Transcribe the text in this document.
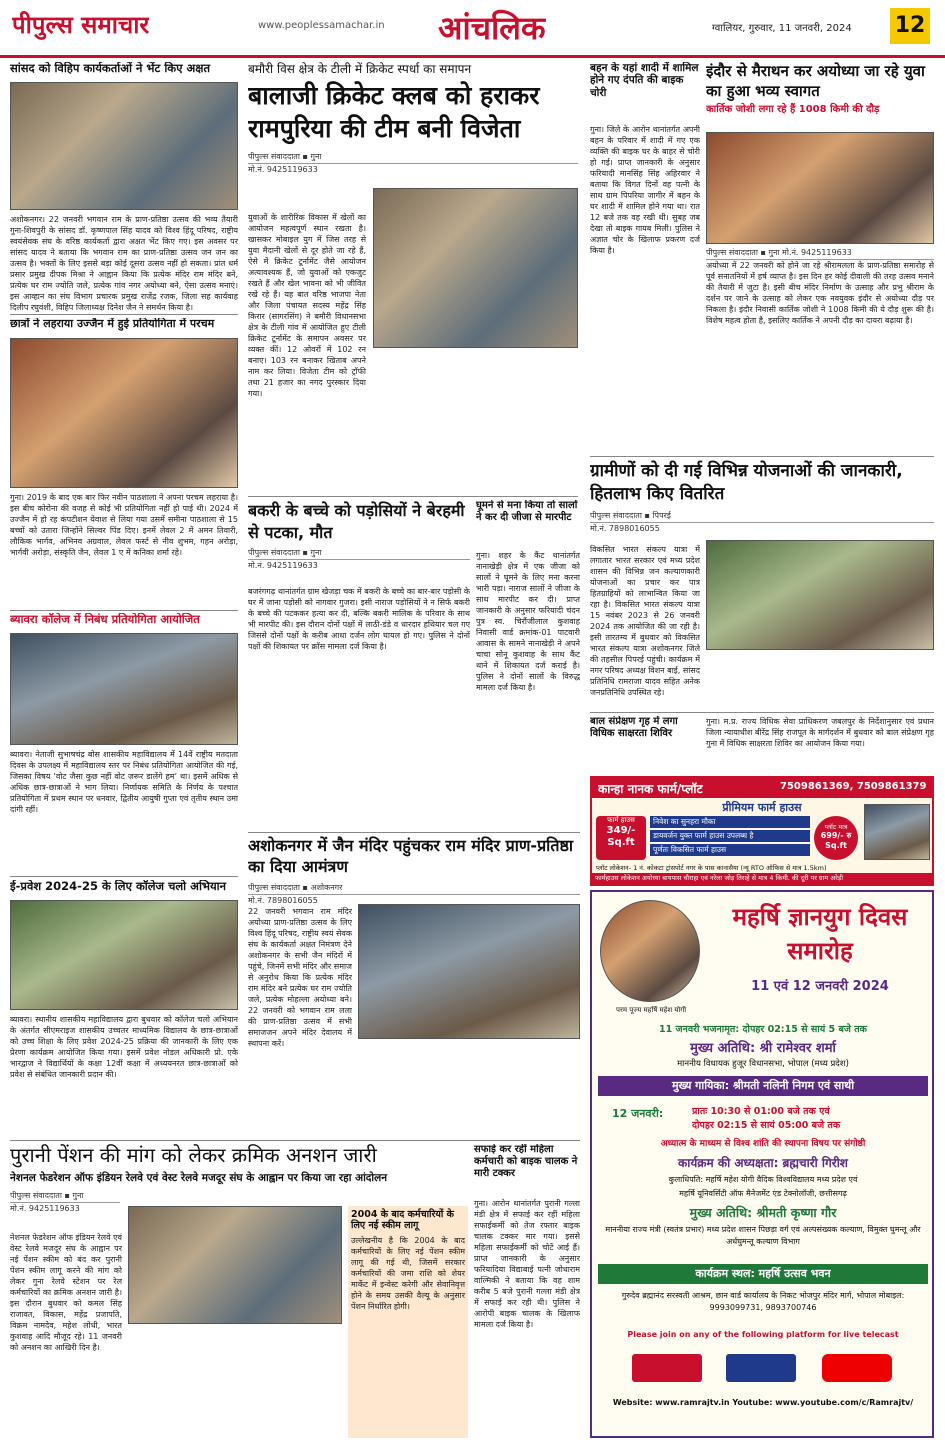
पीपुल्स समाचार	www.peoplessamachar.in आंचलिक	ग्वालियर, गुरुवार, 11 जनवरी, 2024 12
सांसद को विहिप कार्यकर्ताओं ने भेंट किए अक्षत
अशोकनगर। 22 जनवरी भगवान राम के प्राण-प्रतिष्ठा उत्सव की भव्य तैयारी गुना-शिवपुरी के सांसद डॉ. कृष्णपाल सिंह यादव को विश्व हिंदू परिषद, राष्ट्रीय स्वयंसेवक संघ के वरिष्ठ कार्यकर्ता द्वारा अक्षत भेंट किए गए। इस अवसर पर सांसद यादव ने बताया कि भगवान राम का प्राण-प्रतिष्ठा उत्सव जन जन का उत्सव है। भक्तों के लिए इससे बड़ा कोई दूसरा उत्सव नहीं हो सकता। प्रांत धर्म प्रसार प्रमुख दीपक मिश्रा ने आह्वान किया कि प्रत्येक मंदिर राम मंदिर बने, प्रत्येक घर राम ज्योति जले, प्रत्येक गांव नगर अयोध्या बने, ऐसा उत्सव मनाएं। इस आव्हान का संघ विभाग प्रचारक प्रमुख राजेंद्र रजक, जिला सह कार्यवाह दिलीप रघुवंशी, विहिप जिलाध्यक्ष दिनेश जैन ने समर्थन किया है।
छात्रों ने लहराया उज्जैन में हुई प्रतियोगिता में परचम
गुना। 2019 के बाद एक बार फिर नवीन पाठशाला ने अपना परचम लहराया है। इस बीच कोरोना की वजह से कोई भी प्रतियोगिता नहीं हो पाई थी। 2024 में उज्जैन में हो रह कंपटीशन येवाश से लिया गया उसमें समीना पाठशाला से 15 बच्चों को उतारा जिन्होंने सिल्वर पिंड दिए। इनमें लेवल 2 में अमन तिवारी, लौकिक भार्गव, अभिनव अग्रवाल, लेवल फर्स्ट से नीव शुभम, गहन अरोड़ा, भार्गवी अरोड़ा, संस्कृति जैन, लेवल 1 ए में कनिका शर्मा रहे।
ब्यावरा कॉलेज में निबंध प्रतियोगिता आयोजित
ब्यावरा। नेताजी सुभाषचंद्र बोस शासकीय महाविद्यालय में 14वें राष्ट्रीय मतदाता दिवस के उपलक्ष्य में महाविद्यालय स्तर पर निबंध प्रतियोगिता आयोजित की गई, जिसका विषय ‘वोट जैसा कुछ नहीं वोट ज़रूर डालेंगे हम’ था। इसमें अधिक से अधिक छात्र-छात्राओं ने भाग लिया। निर्णायक समिति के निर्णय के पश्चात प्रतियोगिता में प्रथम स्थान पर धनवार, द्वितीय आयुषी गुप्ता एवं तृतीय स्थान उमा दांगी रहीं।
ई-प्रवेश 2024-25 के लिए कॉलेज चलो अभियान
ब्यावरा। स्थानीय शासकीय महाविद्यालय द्वारा बुधवार को कॉलेज चलो अभियान के अंतर्गत सीएमराइज शासकीय उच्चतर माध्यमिक विद्यालय के छात्र-छात्राओं को उच्च शिक्षा के लिए प्रवेश 2024-25 प्रक्रिया की जानकारी के लिए एक प्रेरणा कार्यक्रम आयोजित किया गया। इसमें प्रवेश नोडल अधिकारी प्रो. एके भारद्वाज ने विद्यार्थियों के कक्षा 12वीं कक्षा में अध्ययनरत छात्र-छात्राओं को प्रवेश से संबंधित जानकारी प्रदान की।
बमौरी विस क्षेत्र के टीली में क्रिकेट स्पर्धा का समापन
बालाजी क्रिकेट क्लब को हराकर रामपुरिया की टीम बनी विजेता
पीपुल्स संवाददाता ▪ गुना
मो.नं. 9425119633
युवाओं के शारीरिक विकास में खेलों का आयोजन महत्वपूर्ण स्थान रखता है। खासकर मोबाइल युग में जिस तरह से युवा मैदानी खेलों से दूर होते जा रहे हैं, ऐसे में क्रिकेट टूर्नामेंट जैसे आयोजन अत्यावश्यक हैं, जो युवाओं को एकजुट रखते हैं और खेल भावना को भी जीवित रखे रहे हैं। यह बात वरिष्ठ भाजपा नेता और जिला पंचायत सदस्य महेंद्र सिंह किरार (सागरसिंग) ने बमौरी विधानसभा क्षेत्र के टीली गांव में आयोजित हुए टीली क्रिकेट टूर्नामेंट के समापन अवसर पर व्यक्त कीं। 12 ओवरों में 102 रन बनाए। 103 रन बनाकर खिताब अपने नाम कर लिया। विजेता टीम को ट्रॉफी तथा 21 हजार का नगद पुरस्कार दिया गया।
बकरी के बच्चे को पड़ोसियों ने बेरहमी से पटका, मौत
पीपुल्स संवाददाता ▪ गुना
मो.नं. 9425119633
बजरंगगढ़ थानांतर्गत ग्राम खेजड़ा चक में बकरी के बच्चे का बार-बार पड़ोसी के घर में जाना पड़ोसी को नागवार गुजरा। इसी नाराज पड़ोसियों ने न सिर्फ बकरी के बच्चे की पटककर हत्या कर दी, बल्कि बकरी मालिक के परिवार के साथ भी मारपीट की। इस दौरान दोनों पक्षों में लाठी-डंडे व धारदार हथियार चल गए जिससे दोनों पक्षों के करीब आधा दर्जन लोग घायल हो गए। पुलिस ने दोनों पक्षों की शिकायत पर क्रॉस मामला दर्ज किया है।
घूमने से मना किया तो सालों ने कर दी जीजा से मारपीट
गुना। शहर के कैंट थानांतर्गत नानाखेड़ी क्षेत्र में एक जीजा को सालों ने घूमने के लिए मना करना भारी पड़ा। नाराज सालों ने जीजा के साथ मारपीट कर दी। प्राप्त जानकारी के अनुसार फरियादी चंदन पुत्र स्व. चिरौंजीलाल कुशवाह निवासी वार्ड क्रमांक-01 पाटवारी आवास के सामने नानाखेड़ी ने अपने चाचा सोनू कुशवाह के साथ कैंट थाने में शिकायत दर्ज कराई है। पुलिस ने दोनों सालों के विरुद्ध मामला दर्ज किया है।
अशोकनगर में जैन मंदिर पहुंचकर राम मंदिर प्राण-प्रतिष्ठा का दिया आमंत्रण
पीपुल्स संवाददाता ▪ अशोकनगर
मो.नं. 7898016055
22 जनवरी भगवान राम मंदिर अयोध्या प्राण-प्रतिष्ठा उत्सव के लिए विश्व हिंदू परिषद, राष्ट्रीय स्वयं सेवक संघ के कार्यकर्ता अक्षत निमंत्रण देने अशोकनगर के सभी जैन मंदिरों में पहुंचे, जिनमें सभी मंदिर और समाज से अनुरोध किया कि प्रत्येक मंदिर राम मंदिर बने प्रत्येक घर राम ज्योति जले, प्रत्येक मोहल्ला अयोध्या बने। 22 जनवरी को भगवान राम लला की प्राण-प्रतिष्ठा उत्सव में सभी समाजजन अपने मंदिर देवालय में स्थापना करें।
बहन के यहां शादी में शामिल होने गए दंपति की बाइक चोरी
गुना। जिले के आरोन थानांतर्गत अपनी बहन के परिवार में शादी में गए एक व्यक्ति की बाइक घर के बाहर से चोरी हो गई। प्राप्त जानकारी के अनुसार फरियादी मानसिंह सिंह अहिरवार ने बताया कि विगत दिनों वह पत्नी के साथ ग्राम पिपरिया जागीर में बहन के घर शादी में शामिल होने गया था। रात 12 बजे तक वह रखी थी। सुबह जब देखा तो बाइक गायब मिली। पुलिस ने अज्ञात चोर के खिलाफ प्रकरण दर्ज किया है।
इंदौर से मैराथन कर अयोध्या जा रहे युवा का हुआ भव्य स्वागत
कार्तिक जोशी लगा रहे हैं 1008 किमी की दौड़
पीपुल्स संवाददाता ▪ गुना मो.नं. 9425119633
अयोध्या में 22 जनवरी को होने जा रहे श्रीरामलला के प्राण-प्रतिष्ठा समारोह से पूर्व सनातनियों में हर्ष व्याप्त है। इस दिन हर कोई दीवाली की तरह उत्सव मनाने की तैयारी में जुटा है। इसी बीच मंदिर निर्माण के उत्साह और प्रभु श्रीराम के दर्शन पर जाने के उत्साह को लेकर एक नवयुवक इंदौर से अयोध्या दौड़ पर निकला है। इंदौर निवासी कार्तिक जोशी ने 1008 किमी की ये दौड़ शुरू की है। विशेष महत्व होता है, इसलिए कार्तिक ने अपनी दौड़ का दायरा बढ़ाया है।
ग्रामीणों को दी गई विभिन्न योजनाओं की जानकारी, हितलाभ किए वितरित
पीपुल्स संवाददाता ▪ पिपरई
मो.नं. 7898016055
विकसित भारत संकल्प यात्रा में लगातार भारत सरकार एवं मध्य प्रदेश शासन की विभिन्न जन कल्याणकारी योजनाओं का प्रचार कर पात्र हितग्राहियों को लाभान्वित किया जा रहा है। विकसित भारत संकल्प यात्रा 15 नवंबर 2023 से 26 जनवरी 2024 तक आयोजित की जा रही है। इसी तारतम्य में बुधवार को विकसित भारत संकल्प यात्रा अशोकनगर जिले की तहसील पिपरई पहुंची। कार्यक्रम में नगर परिषद अध्यक्ष विशन बाई, सांसद प्रतिनिधि रामराजा यादव सहित अनेक जनप्रतिनिधि उपस्थित रहे।
बाल संप्रेक्षण गृह में लगा विधिक साक्षरता शिविर
गुना। म.प्र. राज्य विधिक सेवा प्राधिकरण जबलपुर के निर्देशानुसार एवं प्रधान जिला न्यायाधीश बीरेंद्र सिंह राजपूत के मार्गदर्शन में बुधवार को बाल संप्रेक्षण गृह गुना में विधिक साक्षरता शिविर का आयोजन किया गया।
कान्हा नानक फार्म/प्लॉट	7509861369, 7509861379
प्रीमियम फार्म हाउस
फार्म हाउस
349/- Sq.ft
निवेश का सुनहरा मौका
डायवर्जन युक्त फार्म हाउस उपलब्ध है
पूर्णतः विकसित फार्म हाउस
प्लॉट मात्र
699/- रु Sq.ft
प्लॉट लोकेशन- 1 नं. कोकटा ट्रांसपोर्ट नगर के पास कानासैया (न्यू RTO ऑफिस से मात्र 1.5km)
फार्महाउस लोकेशन अयोध्या बायपास चौराहा एवं नरेला जोड़ तिराहे से मात्र 4 किमी. की दूरी पर ग्राम अरेड़ी
परम पूज्य महर्षि महेश योगी
महर्षि ज्ञानयुग दिवस समारोह
11 एवं 12 जनवरी 2024
11 जनवरी भजनामृत: दोपहर 02:15 से सायं 5 बजे तक
मुख्य अतिथि: श्री रामेश्वर शर्मा
माननीय विधायक हुजूर विधानसभा, भोपाल (मध्य प्रदेश)
मुख्य गायिका: श्रीमती नलिनी निगम एवं साथी
12 जनवरी:	प्रातः 10:30 से 01:00 बजे तक एवं
दोपहर 02:15 से सायं 05:00 बजे तक
अध्यात्म के माध्यम से विश्व शांति की स्थापना विषय पर संगोष्ठी
कार्यक्रम की अध्यक्षता: ब्रह्मचारी गिरीश
कुलाधिपति: महर्षि महेश योगी वैदिक विश्वविद्यालय मध्य प्रदेश एवं
महर्षि यूनिवर्सिटी ऑफ मैनेजमेंट एंड टेक्नोलॉजी, छत्तीसगढ़
मुख्य अतिथि: श्रीमती कृष्णा गौर
माननीया राज्य मंत्री (स्वतंत्र प्रभार) मध्य प्रदेश शासन पिछड़ा वर्ग एवं अल्पसंख्यक कल्याण, विमुक्त घुमन्तू और अर्धघुमन्तू कल्याण विभाग
कार्यक्रम स्थल: महर्षि उत्सव भवन
गुरुदेव ब्रह्मानंद सरस्वती आश्रम, छान वार्ड कार्यालय के निकट भोजपुर मंदिर मार्ग, भोपाल मोबाइल: 9993099731, 9893700746
Please join on any of the following platform for live telecast
Website: www.ramrajtv.in Youtube: www.youtube.com/c/Ramrajtv/
पुरानी पेंशन की मांग को लेकर क्रमिक अनशन जारी
नेशनल फेडरेशन ऑफ इंडियन रेलवे एवं वेस्ट रेलवे मजदूर संघ के आह्वान पर किया जा रहा आंदोलन
पीपुल्स संवाददाता ▪ गुना
मो.नं. 9425119633
नेशनल फेडरेशन ऑफ इंडियन रेलवे एवं वेस्ट रेलवे मजदूर संघ के आह्वान पर नई पेंशन स्कीम को बंद कर पुरानी पेंशन स्कीम लागू करने की मांग को लेकर गुना रेलवे स्टेशन पर रेल कर्मचारियों का क्रमिक अनशन जारी है। इस दौरान बुधवार को कमल सिंह राजावत, विकास, महेंद्र प्रजापति, विक्रम नामदेव, महेश लोधी, भारत कुशवाह आदि मौजूद रहे। 11 जनवरी को अनशन का आखिरी दिन है।
2004 के बाद कर्मचारियों के लिए नई स्कीम लागू
उल्लेखनीय है कि 2004 के बाद कर्मचारियों के लिए नई पेंशन स्कीम लागू की गई थी, जिसमें सरकार कर्मचारियों की जमा राशि को शेयर मार्केट में इन्वेस्ट करेगी और सेवानिवृत्त होने के समय उसकी वैल्यू के अनुसार पेंशन निर्धारित होगी।
सफाई कर रहीं महिला कर्मचारी को बाइक चालक ने मारी टक्कर
गुना। आरोन थानांतर्गत पुरानी गल्ला मंडी क्षेत्र में सफाई कर रहीं महिला सफाईकर्मी को तेज रफ्तार बाइक चालक टक्कर मार गया। इससे महिला सफाईकर्मी को चोटें आई हैं। प्राप्त जानकारी के अनुसार फरियादिया विद्याबाई पत्नी जोधाराम वाल्मिकी ने बताया कि वह शाम करीब 5 बजे पुरानी गल्ला मंडी क्षेत्र में सफाई कर रही थी। पुलिस ने आरोपी बाइक चालक के खिलाफ मामला दर्ज किया है।
